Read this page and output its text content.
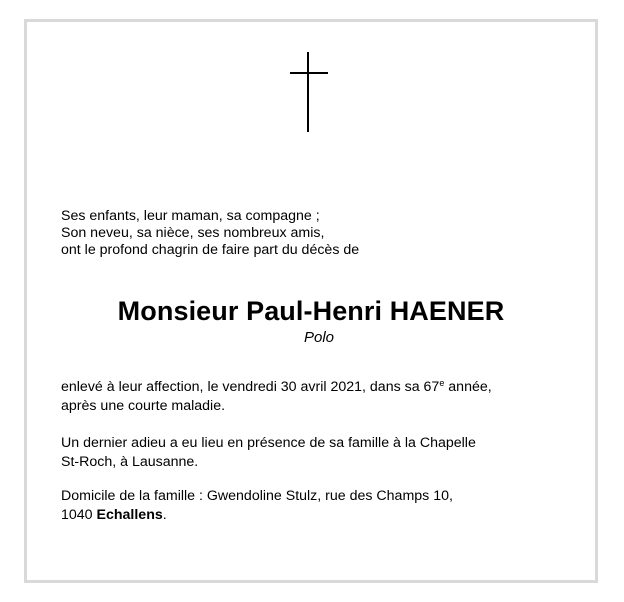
Ses enfants, leur maman, sa compagne ;
Son neveu, sa nièce, ses nombreux amis,
ont le profond chagrin de faire part du décès de
Monsieur Paul-Henri HAENER
Polo
enlevé à leur affection, le vendredi 30 avril 2021, dans sa 67e année,
après une courte maladie.
Un dernier adieu a eu lieu en présence de sa famille à la Chapelle
St-Roch, à Lausanne.
Domicile de la famille : Gwendoline Stulz, rue des Champs 10,
1040 Echallens.
